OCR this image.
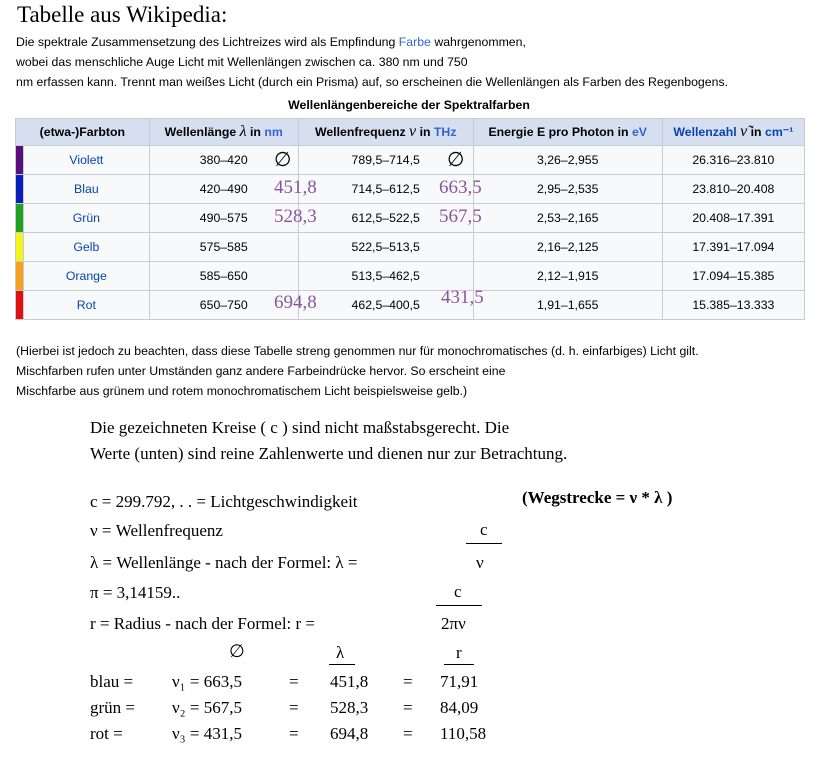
Tabelle aus Wikipedia:
Die spektrale Zusammensetzung des Lichtreizes wird als Empfindung Farbe wahrgenommen,
wobei das menschliche Auge Licht mit Wellenlängen zwischen ca. 380 nm und 750
nm erfassen kann. Trennt man weißes Licht (durch ein Prisma) auf, so erscheinen die Wellenlängen als Farben des Regenbogens.
Wellenlängenbereiche der Spektralfarben
(etwa-)Farbton		Wellenlänge λ in nm	Wellenfrequenz ν in THz	Energie E pro Photon in eV	Wellenzahl ν̃ in cm⁻¹
	Violett	380–420	789,5–714,5	3,26–2,955	26.316–23.810
	Blau	420–490	714,5–612,5	2,95–2,535	23.810–20.408
	Grün	490–575	612,5–522,5	2,53–2,165	20.408–17.391
	Gelb	575–585	522,5–513,5	2,16–2,125	17.391–17.094
	Orange	585–650	513,5–462,5	2,12–1,915	17.094–15.385
	Rot	650–750	462,5–400,5	1,91–1,655	15.385–13.333
∅	∅
451,8	663,5
528,3	567,5
694,8	431,5
(Hierbei ist jedoch zu beachten, dass diese Tabelle streng genommen nur für monochromatisches (d. h. einfarbiges) Licht gilt.
Mischfarben rufen unter Umständen ganz andere Farbeindrücke hervor. So erscheint eine
Mischfarbe aus grünem und rotem monochromatischem Licht beispielsweise gelb.)
Die gezeichneten Kreise ( c ) sind nicht maßstabsgerecht. Die
Werte (unten) sind reine Zahlenwerte und dienen nur zur Betrachtung.
c = 299.792, . . = Lichtgeschwindigkeit	(Wegstrecke = ν * λ )
ν = Wellenfrequenz	c
λ = Wellenlänge - nach der Formel: λ =	ν
π = 3,14159..	c
r = Radius - nach der Formel: r =	2πν
∅	λ	r
blau = ν₁ = 663,5	= 451,8 = 71,91
grün = ν₂ = 567,5	= 528,3 = 84,09
rot =	ν₃ = 431,5	= 694,8 = 110,58
